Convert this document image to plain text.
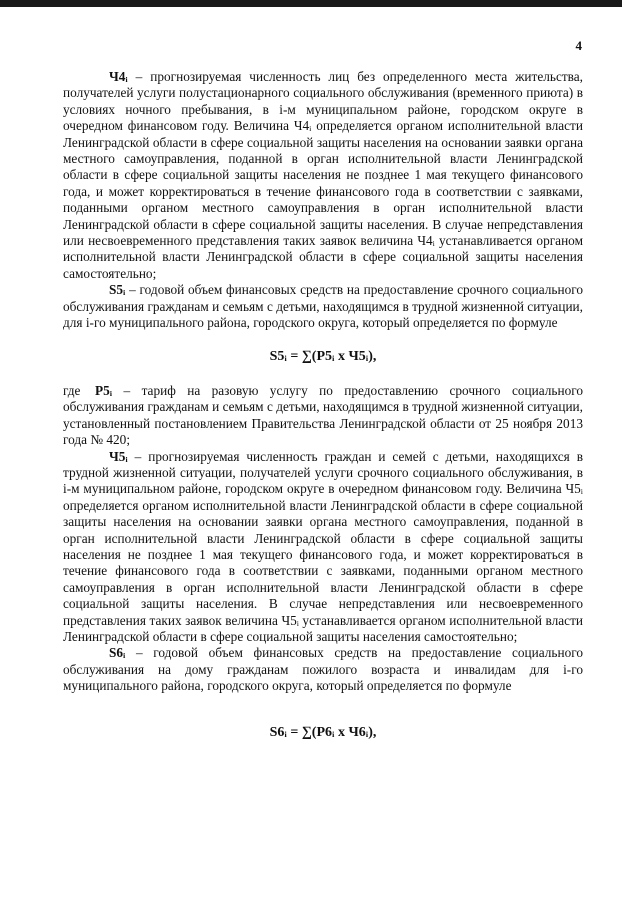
4

Ч4ᵢ – прогнозируемая численность лиц без определенного места жительства, получателей услуги полустационарного социального обслуживания (временного приюта) в условиях ночного пребывания, в i-м муниципальном районе, городском округе в очередном финансовом году. Величина Ч4ᵢ определяется органом исполнительной власти Ленинградской области в сфере социальной защиты населения на основании заявки органа местного самоуправления, поданной в орган исполнительной власти Ленинградской области в сфере социальной защиты населения не позднее 1 мая текущего финансового года, и может корректироваться в течение финансового года в соответствии с заявками, поданными органом местного самоуправления в орган исполнительной власти Ленинградской области в сфере социальной защиты населения. В случае непредставления или несвоевременного представления таких заявок величина Ч4ᵢ устанавливается органом исполнительной власти Ленинградской области в сфере социальной защиты населения самостоятельно;

S5ᵢ – годовой объем финансовых средств на предоставление срочного социального обслуживания гражданам и семьям с детьми, находящимся в трудной жизненной ситуации, для i-го муниципального района, городского округа, который определяется по формуле

S5ᵢ = ∑(P5ᵢ x Ч5ᵢ),

где P5ᵢ – тариф на разовую услугу по предоставлению срочного социального обслуживания гражданам и семьям с детьми, находящимся в трудной жизненной ситуации, установленный постановлением Правительства Ленинградской области от 25 ноября 2013 года № 420;

Ч5ᵢ – прогнозируемая численность граждан и семей с детьми, находящихся в трудной жизненной ситуации, получателей услуги срочного социального обслуживания, в i-м муниципальном районе, городском округе в очередном финансовом году. Величина Ч5ᵢ определяется органом исполнительной власти Ленинградской области в сфере социальной защиты населения на основании заявки органа местного самоуправления, поданной в орган исполнительной власти Ленинградской области в сфере социальной защиты населения не позднее 1 мая текущего финансового года, и может корректироваться в течение финансового года в соответствии с заявками, поданными органом местного самоуправления в орган исполнительной власти Ленинградской области в сфере социальной защиты населения. В случае непредставления или несвоевременного представления таких заявок величина Ч5ᵢ устанавливается органом исполнительной власти Ленинградской области в сфере социальной защиты населения самостоятельно;

S6ᵢ – годовой объем финансовых средств на предоставление социального обслуживания на дому гражданам пожилого возраста и инвалидам для i-го муниципального района, городского округа, который определяется по формуле

S6ᵢ = ∑(P6ᵢ x Ч6ᵢ),
